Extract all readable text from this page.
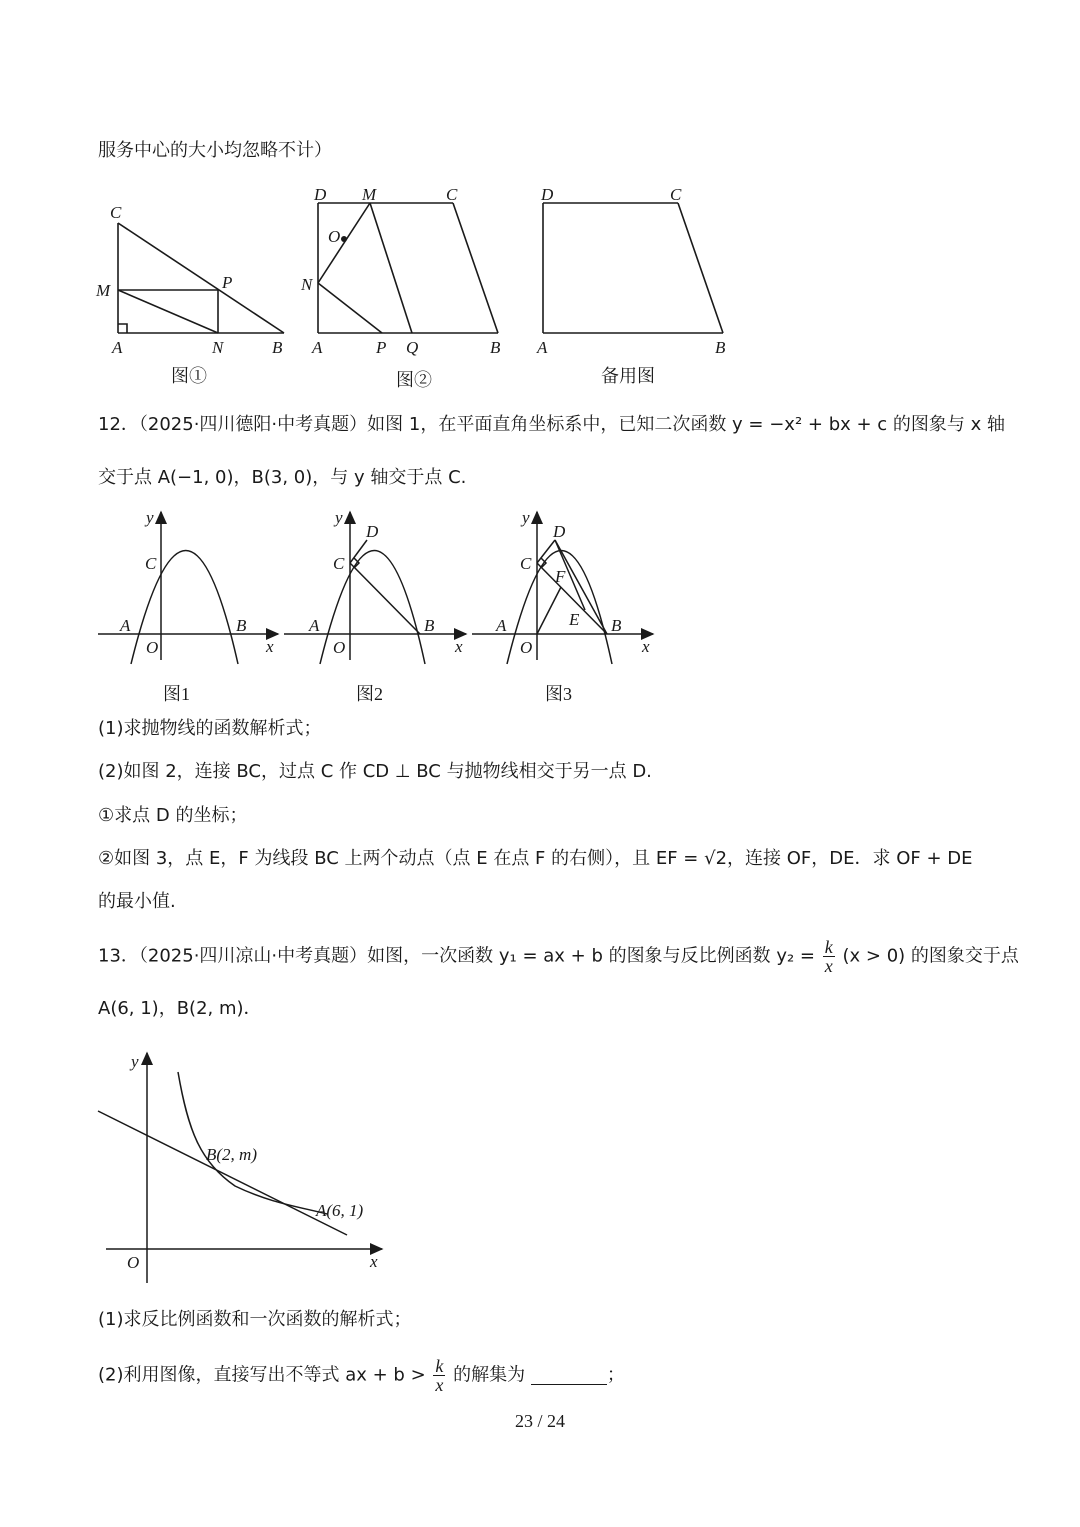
服务中心的大小均忽略不计）
C
M	P
A	N	B
D M	C
O
N
A	P Q	B
D	C
A	B
图①	图②	备用图
12．（2025·四川德阳·中考真题）如图 1，在平面直角坐标系中，已知二次函数 y = −x² + bx + c 的图象与 x 轴
交于点 A(−1, 0)，B(3, 0)，与 y 轴交于点 C.
y
C
A	B
O	x
y
D
C
A	B
O	x
y
D
C
F
E
A	B
O	x
图1	图2	图3
(1)求抛物线的函数解析式；
(2)如图 2，连接 BC，过点 C 作 CD ⊥ BC 与抛物线相交于另一点 D.
①求点 D 的坐标；
②如图 3，点 E，F 为线段 BC 上两个动点（点 E 在点 F 的右侧），且 EF = √2，连接 OF，DE．求 OF + DE
的最小值.
13．（2025·四川凉山·中考真题）如图，一次函数 y₁ = ax + b 的图象与反比例函数 $y_2 = \frac{k}{x} (x > 0)$ 的图象交于点
A(6, 1)，B(2, m)．
y
x
O
B(2, m)
A(6, 1)
(1)求反比例函数和一次函数的解析式；
(2)利用图像，直接写出不等式 ax + $b > \frac{k}{x}$ 的解集为	；
23 / 24
